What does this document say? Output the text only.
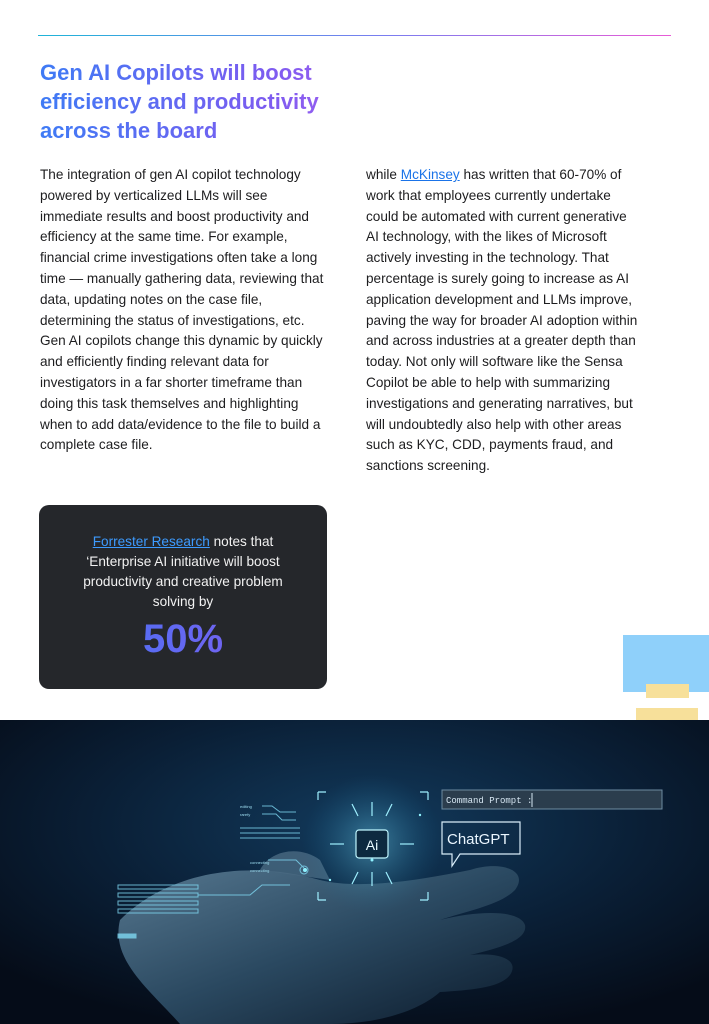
Gen AI Copilots will boost efficiency and productivity across the board

The integration of gen AI copilot technology powered by verticalized LLMs will see immediate results and boost productivity and efficiency at the same time. For example, financial crime investigations often take a long time — manually gathering data, reviewing that data, updating notes on the case file, determining the status of investigations, etc. Gen AI copilots change this dynamic by quickly and efficiently finding relevant data for investigators in a far shorter timeframe than doing this task themselves and highlighting when to add data/evidence to the file to build a complete case file.

while McKinsey has written that 60-70% of work that employees currently undertake could be automated with current generative AI technology, with the likes of Microsoft actively investing in the technology. That percentage is surely going to increase as AI application development and LLMs improve, paving the way for broader AI adoption within and across industries at a greater depth than today. Not only will software like the Sensa Copilot be able to help with summarizing investigations and generating narratives, but will undoubtedly also help with other areas such as KYC, CDD, payments fraud, and sanctions screening.

Forrester Research notes that ‘Enterprise AI initiative will boost productivity and creative problem solving by

50%
Ai
Command Prompt :
ChatGPT
editing
rarefy
connecting
connecting
